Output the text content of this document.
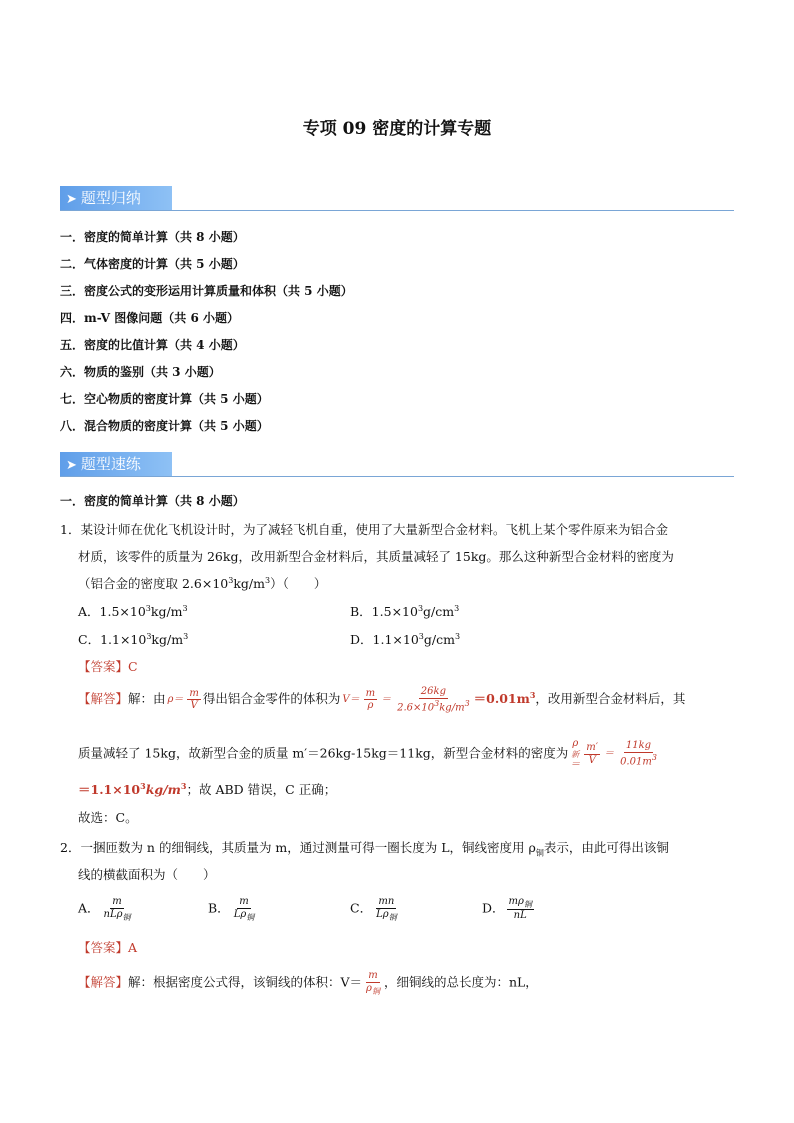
专项 09 密度的计算专题
➤ 题型归纳
一．密度的简单计算（共 8 小题）
二．气体密度的计算（共 5 小题）
三．密度公式的变形运用计算质量和体积（共 5 小题）
四．m-V 图像问题（共 6 小题）
五．密度的比值计算（共 4 小题）
六．物质的鉴别（共 3 小题）
七．空心物质的密度计算（共 5 小题）
八．混合物质的密度计算（共 5 小题）
➤ 题型速练
一．密度的简单计算（共 8 小题）
1．某设计师在优化飞机设计时，为了减轻飞机自重，使用了大量新型合金材料。飞机上某个零件原来为铝合金
材质，该零件的质量为 26kg，改用新型合金材料后，其质量减轻了 15kg。那么这种新型合金材料的密度为
（铝合金的密度取 $2.6\times 10^3kg/m^3$）（　　）
A．$1.5\times 10^3kg/m^3$	B．$1.5\times 10^3g/cm^3$
C．$1.1\times 10^3kg/m^3$	D．$1.1\times 10^3g/cm^3$
【答案】C
【解答】解：由 $\rho= \frac{m}{V}$ 得出铝合金零件的体积为 $V= \frac{m}{\rho} = \frac{26kg}{2.6\times 10^3kg/m^3} =0.01m^3$，改用新型合金材料后，其
质量减轻了 15kg，故新型合金的质量 m′＝26kg-15kg＝11kg，新型合金材料的密度为ρ
新
＝ $\frac{m'}{V} = \frac{11kg}{0.01m^3}$
$=1.1\times 10^3kg/m^3$；故 ABD 错误，C 正确；
故选：C。
2．一捆匝数为 n 的细铜线，其质量为 m，通过测量可得一圈长度为 L，铜线密度用 $\rho_铜$表示，由此可得出该铜
线的横截面积为（　　）
A． $\frac{m}{nL\rho_铜}$	B． $\frac{m}{L\rho_铜}$	C． $\frac{mn}{L\rho_铜}$	D． $\frac{m\rho_铜}{nL}$
【答案】A
【解答】解：根据密度公式得，该铜线的体积：$V= \frac{m}{\rho_铜}$ ，细铜线的总长度为：nL，
